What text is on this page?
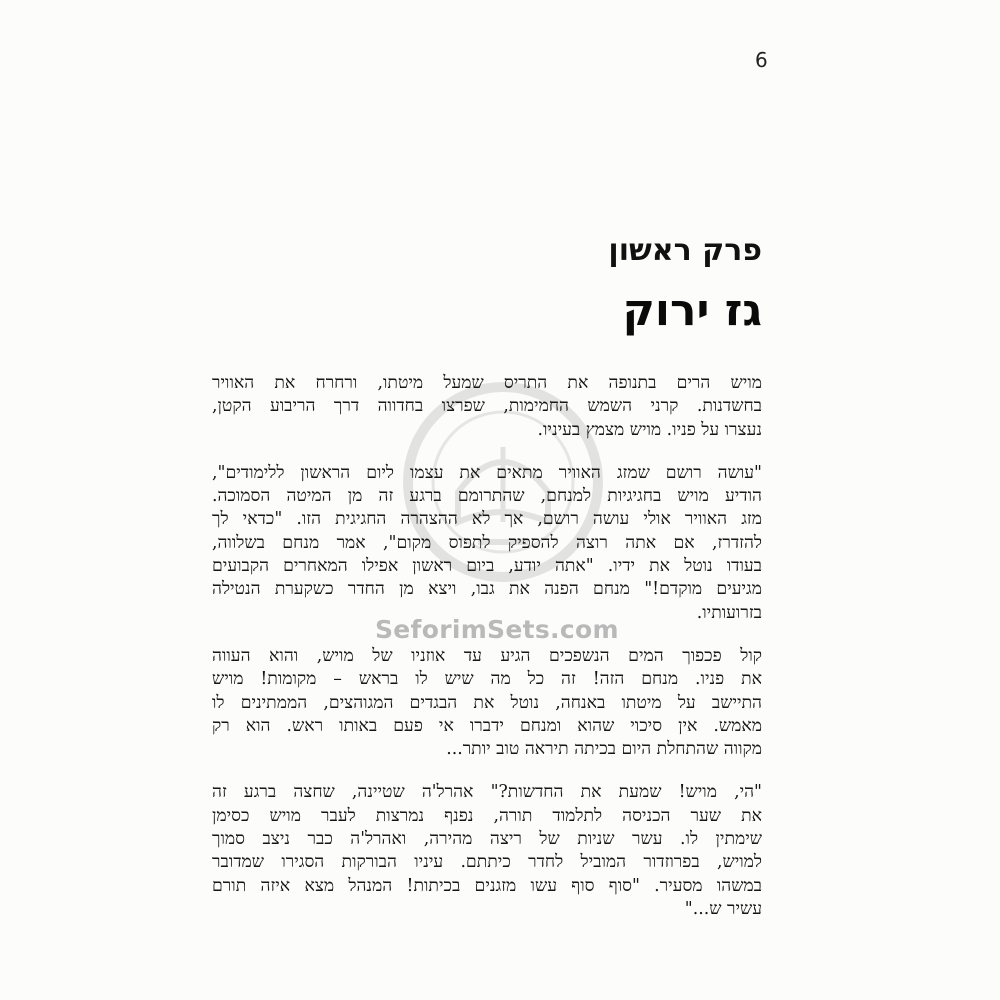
6
פרק ראשון
גז ירוק
SeforimSets.com

מויש הרים בתנופה את התריס שמעל מיטתו, ורחרח את האוויר
בחשדנות. קרני השמש החמימות, שפרצו בחדווה דרך הריבוע הקטן,
נעצרו על פניו. מויש מצמץ בעיניו.

"עושה רושם שמזג האוויר מתאים את עצמו ליום הראשון ללימודים",
הודיע מויש בחגיגיות למנחם, שהתרומם ברגע זה מן המיטה הסמוכה.
מזג האוויר אולי עושה רושם, אך לא ההצהרה החגיגית הזו. "כדאי לך
להזדרז, אם אתה רוצה להספיק לתפוס מקום", אמר מנחם בשלווה,
בעודו נוטל את ידיו. "אתה יודע, ביום ראשון אפילו המאחרים הקבועים
מגיעים מוקדם!" מנחם הפנה את גבו, ויצא מן החדר כשקערת הנטילה
בזרועותיו.

קול פכפוך המים הנשפכים הגיע עד אוזניו של מויש, והוא העווה
את פניו. מנחם הזה! זה כל מה שיש לו בראש – מקומות! מויש
התיישב על מיטתו באנחה, נוטל את הבגדים המגוהצים, הממתינים לו
מאמש. אין סיכוי שהוא ומנחם ידברו אי פעם באותו ראש. הוא רק
מקווה שהתחלת היום בכיתה תיראה טוב יותר...

"הי, מויש! שמעת את החדשות?" אהרל'ה שטיינה, שחצה ברגע זה
את שער הכניסה לתלמוד תורה, נפנף נמרצות לעבר מויש כסימן
שימתין לו. עשר שניות של ריצה מהירה, ואהרל'ה כבר ניצב סמוך
למויש, בפרוזדור המוביל לחדר כיתתם. עיניו הבורקות הסגירו שמדובר
במשהו מסעיר. "סוף סוף עשו מזגנים בכיתות! המנהל מצא איזה תורם
עשיר ש..."
